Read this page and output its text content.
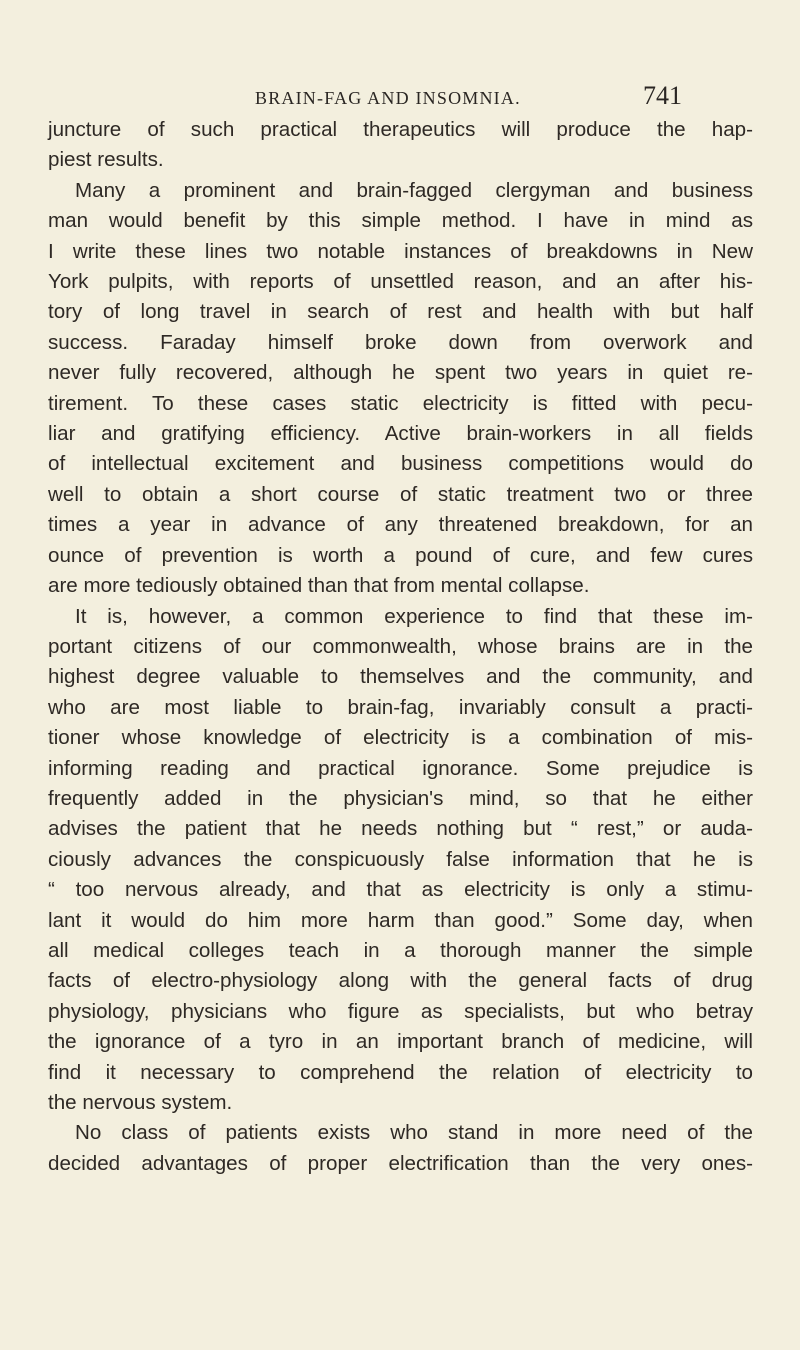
BRAIN-FAG AND INSOMNIA.	741
juncture of such practical therapeutics will produce the hap-
piest results.
Many a prominent and brain-fagged clergyman and business
man would benefit by this simple method. I have in mind as
I write these lines two notable instances of breakdowns in New
York pulpits, with reports of unsettled reason, and an after his-
tory of long travel in search of rest and health with but half
success. Faraday himself broke down from overwork and
never fully recovered, although he spent two years in quiet re-
tirement. To these cases static electricity is fitted with pecu-
liar and gratifying efficiency. Active brain-workers in all fields
of intellectual excitement and business competitions would do
well to obtain a short course of static treatment two or three
times a year in advance of any threatened breakdown, for an
ounce of prevention is worth a pound of cure, and few cures
are more tediously obtained than that from mental collapse.
It is, however, a common experience to find that these im-
portant citizens of our commonwealth, whose brains are in the
highest degree valuable to themselves and the community, and
who are most liable to brain-fag, invariably consult a practi-
tioner whose knowledge of electricity is a combination of mis-
informing reading and practical ignorance. Some prejudice is
frequently added in the physician's mind, so that he either
advises the patient that he needs nothing but “ rest,” or auda-
ciously advances the conspicuously false information that he is
“ too nervous already, and that as electricity is only a stimu-
lant it would do him more harm than good.” Some day, when
all medical colleges teach in a thorough manner the simple
facts of electro-physiology along with the general facts of drug
physiology, physicians who figure as specialists, but who betray
the ignorance of a tyro in an important branch of medicine, will
find it necessary to comprehend the relation of electricity to
the nervous system.
No class of patients exists who stand in more need of the
decided advantages of proper electrification than the very ones-
